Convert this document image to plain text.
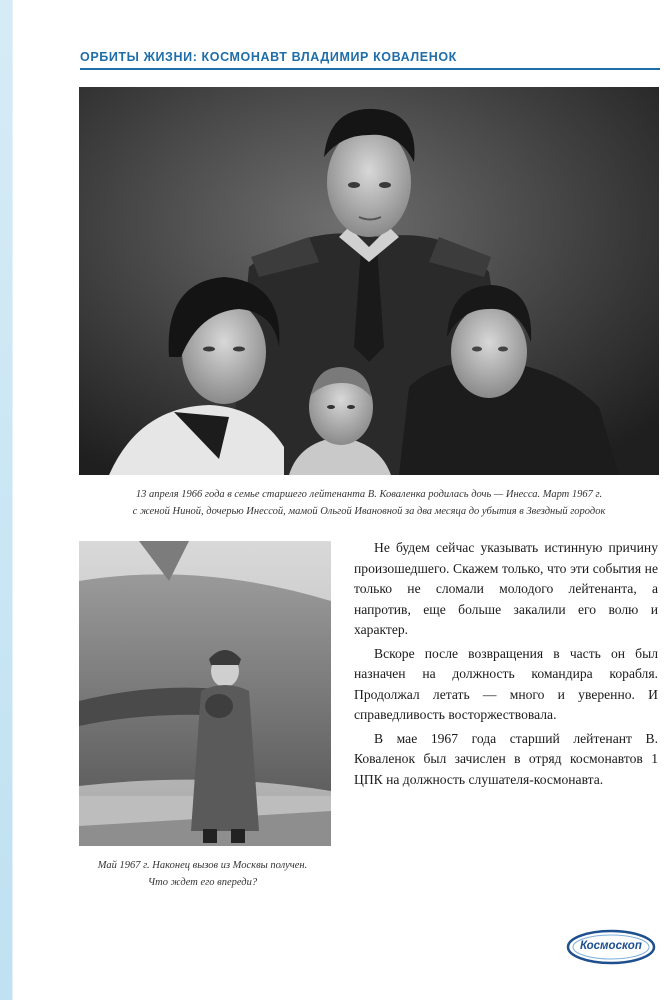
ОРБИТЫ ЖИЗНИ: КОСМОНАВТ ВЛАДИМИР КОВАЛЕНОК
13 апреля 1966 года в семье старшего лейтенанта В. Коваленка родилась дочь — Инесса. Март 1967 г.
с женой Ниной, дочерью Инессой, мамой Ольгой Ивановной за два месяца до убытия в Звездный городок
Май 1967 г. Наконец вызов из Москвы получен.
Что ждет его впереди?

Не будем сейчас указывать истинную причину произошедшего. Скажем только, что эти события не только не сломали молодого лейтенанта, а напротив, еще больше закалили его волю и характер.

Вскоре после возвращения в часть он был назначен на должность командира корабля. Продолжал летать — много и уверенно. И справедливость восторжествовала.

В мае 1967 года старший лейтенант В. Коваленок был зачислен в отряд космонавтов 1 ЦПК на должность слушателя-космонавта.

Космоскоп
